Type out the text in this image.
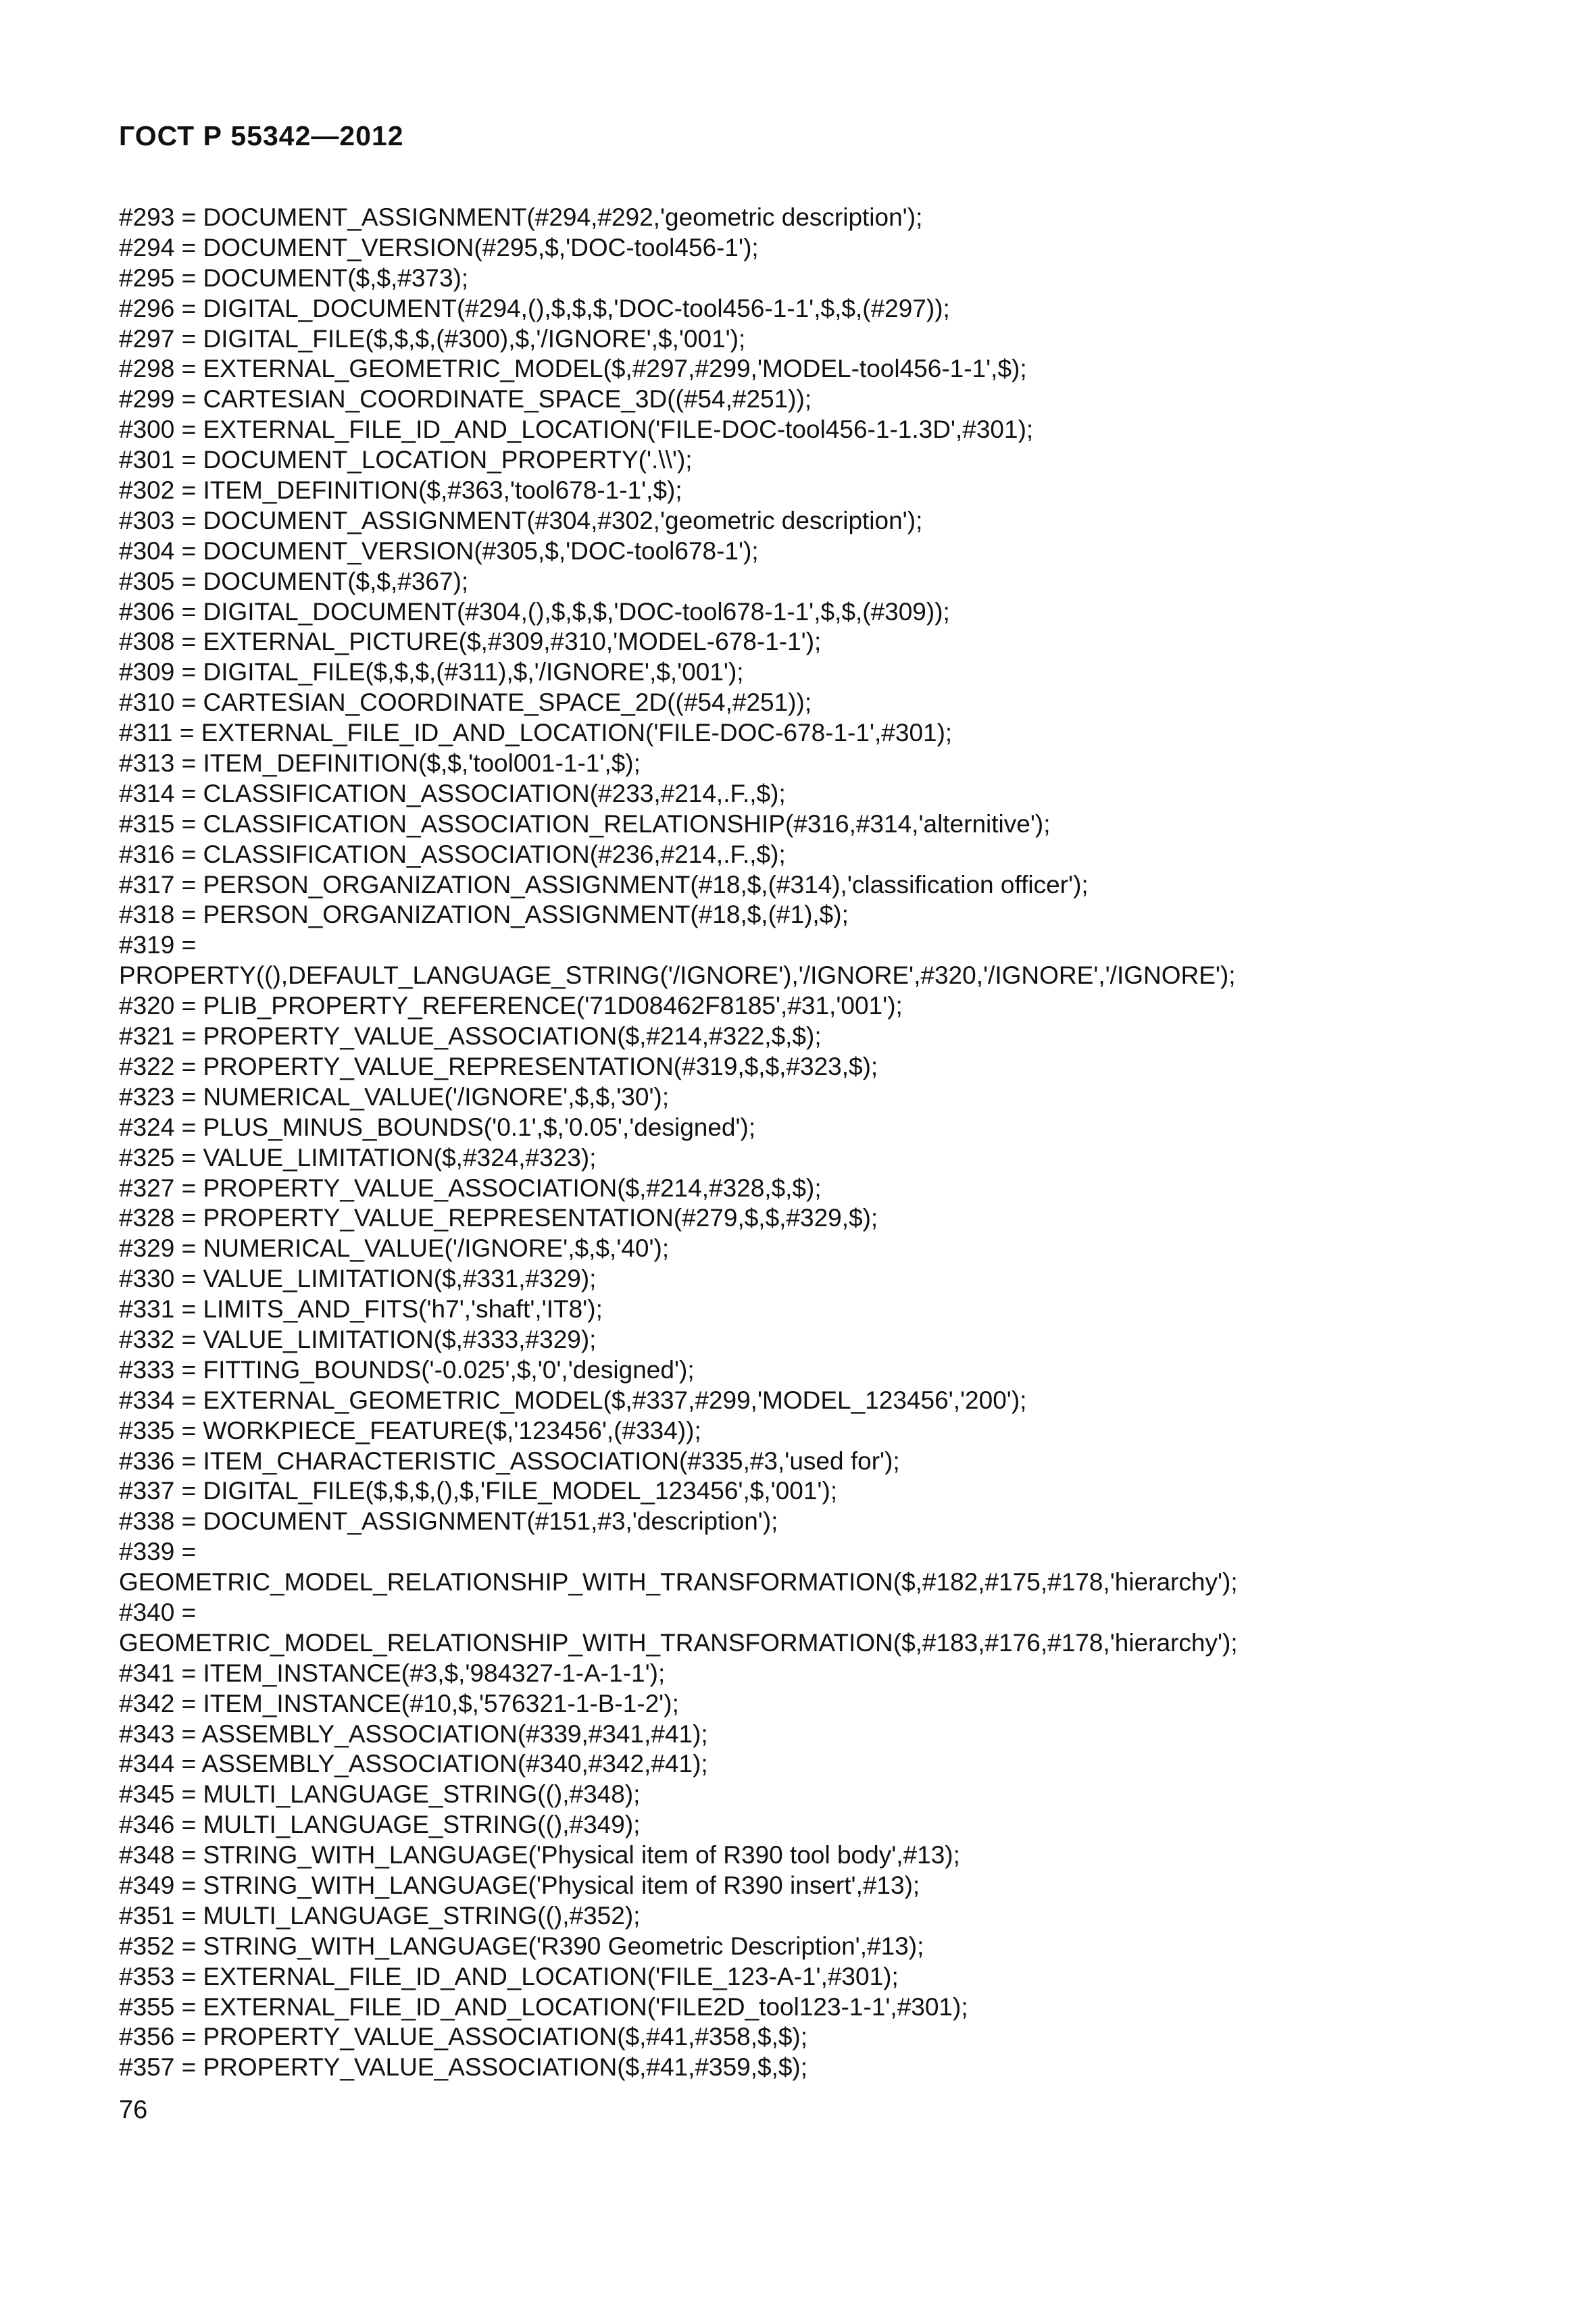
ГОСТ Р 55342—2012
#293 = DOCUMENT_ASSIGNMENT(#294,#292,'geometric description');
#294 = DOCUMENT_VERSION(#295,$,'DOC-tool456-1');
#295 = DOCUMENT($,$,#373);
#296 = DIGITAL_DOCUMENT(#294,(),$,$,$,'DOC-tool456-1-1',$,$,(#297));
#297 = DIGITAL_FILE($,$,$,(#300),$,'/IGNORE',$,'001');
#298 = EXTERNAL_GEOMETRIC_MODEL($,#297,#299,'MODEL-tool456-1-1',$);
#299 = CARTESIAN_COORDINATE_SPACE_3D((#54,#251));
#300 = EXTERNAL_FILE_ID_AND_LOCATION('FILE-DOC-tool456-1-1.3D',#301);
#301 = DOCUMENT_LOCATION_PROPERTY('.\\');
#302 = ITEM_DEFINITION($,#363,'tool678-1-1',$);
#303 = DOCUMENT_ASSIGNMENT(#304,#302,'geometric description');
#304 = DOCUMENT_VERSION(#305,$,'DOC-tool678-1');
#305 = DOCUMENT($,$,#367);
#306 = DIGITAL_DOCUMENT(#304,(),$,$,$,'DOC-tool678-1-1',$,$,(#309));
#308 = EXTERNAL_PICTURE($,#309,#310,'MODEL-678-1-1');
#309 = DIGITAL_FILE($,$,$,(#311),$,'/IGNORE',$,'001');
#310 = CARTESIAN_COORDINATE_SPACE_2D((#54,#251));
#311 = EXTERNAL_FILE_ID_AND_LOCATION('FILE-DOC-678-1-1',#301);
#313 = ITEM_DEFINITION($,$,'tool001-1-1',$);
#314 = CLASSIFICATION_ASSOCIATION(#233,#214,.F.,$);
#315 = CLASSIFICATION_ASSOCIATION_RELATIONSHIP(#316,#314,'alternitive');
#316 = CLASSIFICATION_ASSOCIATION(#236,#214,.F.,$);
#317 = PERSON_ORGANIZATION_ASSIGNMENT(#18,$,(#314),'classification officer');
#318 = PERSON_ORGANIZATION_ASSIGNMENT(#18,$,(#1),$);
#319 =
PROPERTY((),DEFAULT_LANGUAGE_STRING('/IGNORE'),'/IGNORE',#320,'/IGNORE','/IGNORE');
#320 = PLIB_PROPERTY_REFERENCE('71D08462F8185',#31,'001');
#321 = PROPERTY_VALUE_ASSOCIATION($,#214,#322,$,$);
#322 = PROPERTY_VALUE_REPRESENTATION(#319,$,$,#323,$);
#323 = NUMERICAL_VALUE('/IGNORE',$,$,'30');
#324 = PLUS_MINUS_BOUNDS('0.1',$,'0.05','designed');
#325 = VALUE_LIMITATION($,#324,#323);
#327 = PROPERTY_VALUE_ASSOCIATION($,#214,#328,$,$);
#328 = PROPERTY_VALUE_REPRESENTATION(#279,$,$,#329,$);
#329 = NUMERICAL_VALUE('/IGNORE',$,$,'40');
#330 = VALUE_LIMITATION($,#331,#329);
#331 = LIMITS_AND_FITS('h7','shaft','IT8');
#332 = VALUE_LIMITATION($,#333,#329);
#333 = FITTING_BOUNDS('-0.025',$,'0','designed');
#334 = EXTERNAL_GEOMETRIC_MODEL($,#337,#299,'MODEL_123456','200');
#335 = WORKPIECE_FEATURE($,'123456',(#334));
#336 = ITEM_CHARACTERISTIC_ASSOCIATION(#335,#3,'used for');
#337 = DIGITAL_FILE($,$,$,(),$,'FILE_MODEL_123456',$,'001');
#338 = DOCUMENT_ASSIGNMENT(#151,#3,'description');
#339 =
GEOMETRIC_MODEL_RELATIONSHIP_WITH_TRANSFORMATION($,#182,#175,#178,'hierarchy');
#340 =
GEOMETRIC_MODEL_RELATIONSHIP_WITH_TRANSFORMATION($,#183,#176,#178,'hierarchy');
#341 = ITEM_INSTANCE(#3,$,'984327-1-A-1-1');
#342 = ITEM_INSTANCE(#10,$,'576321-1-B-1-2');
#343 = ASSEMBLY_ASSOCIATION(#339,#341,#41);
#344 = ASSEMBLY_ASSOCIATION(#340,#342,#41);
#345 = MULTI_LANGUAGE_STRING((),#348);
#346 = MULTI_LANGUAGE_STRING((),#349);
#348 = STRING_WITH_LANGUAGE('Physical item of R390 tool body',#13);
#349 = STRING_WITH_LANGUAGE('Physical item of R390 insert',#13);
#351 = MULTI_LANGUAGE_STRING((),#352);
#352 = STRING_WITH_LANGUAGE('R390 Geometric Description',#13);
#353 = EXTERNAL_FILE_ID_AND_LOCATION('FILE_123-A-1',#301);
#355 = EXTERNAL_FILE_ID_AND_LOCATION('FILE2D_tool123-1-1',#301);
#356 = PROPERTY_VALUE_ASSOCIATION($,#41,#358,$,$);
#357 = PROPERTY_VALUE_ASSOCIATION($,#41,#359,$,$);
76
